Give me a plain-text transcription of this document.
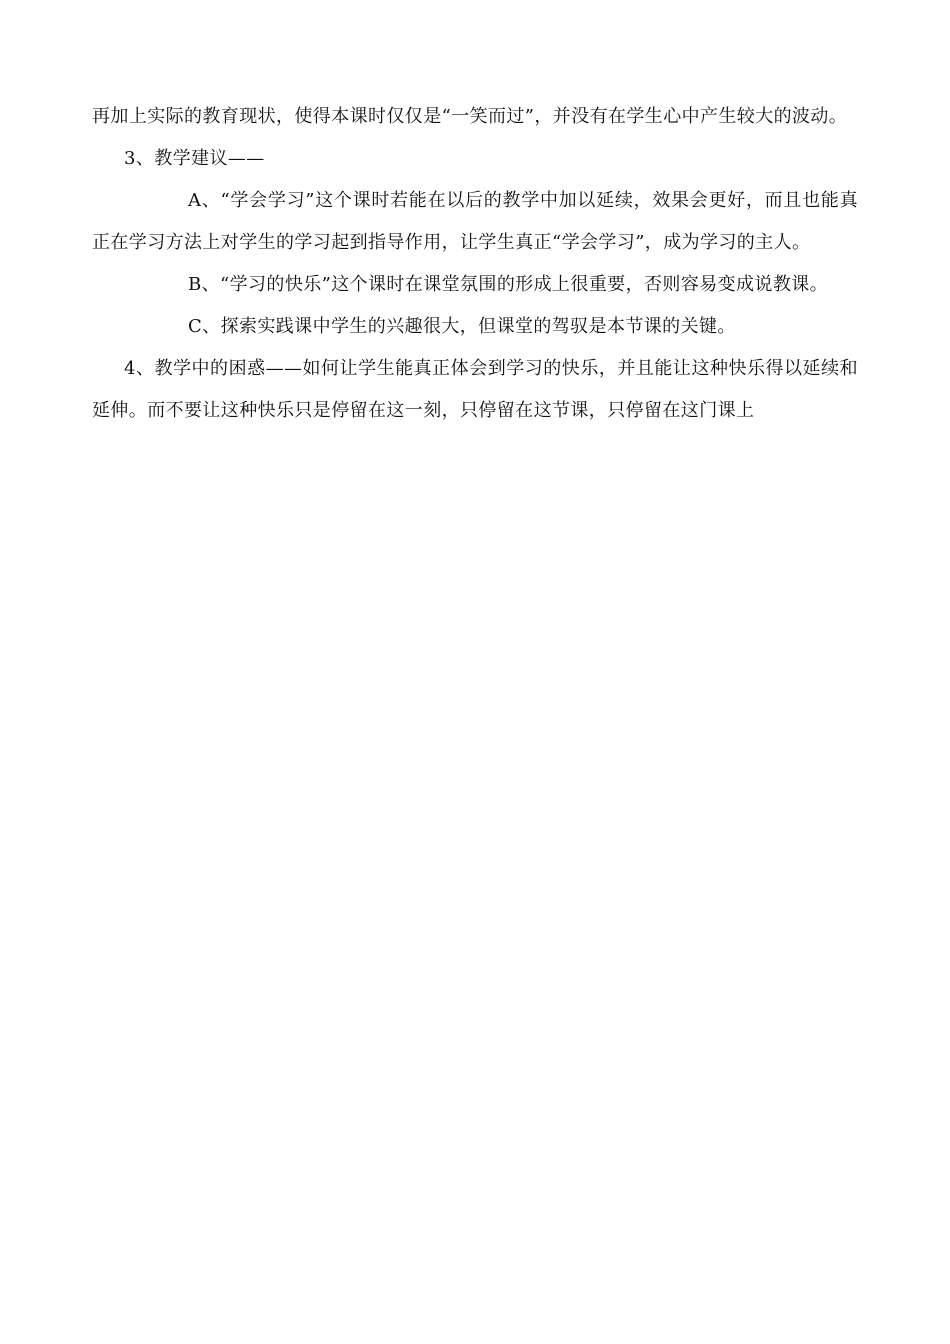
再加上实际的教育现状，使得本课时仅仅是“一笑而过”，并没有在学生心中产生较大的波动。

3、教学建议——

A、“学会学习”这个课时若能在以后的教学中加以延续，效果会更好，而且也能真正在学习方法上对学生的学习起到指导作用，让学生真正“学会学习”，成为学习的主人。

B、“学习的快乐”这个课时在课堂氛围的形成上很重要，否则容易变成说教课。

C、探索实践课中学生的兴趣很大，但课堂的驾驭是本节课的关键。

4、教学中的困惑——如何让学生能真正体会到学习的快乐，并且能让这种快乐得以延续和延伸。而不要让这种快乐只是停留在这一刻，只停留在这节课，只停留在这门课上
